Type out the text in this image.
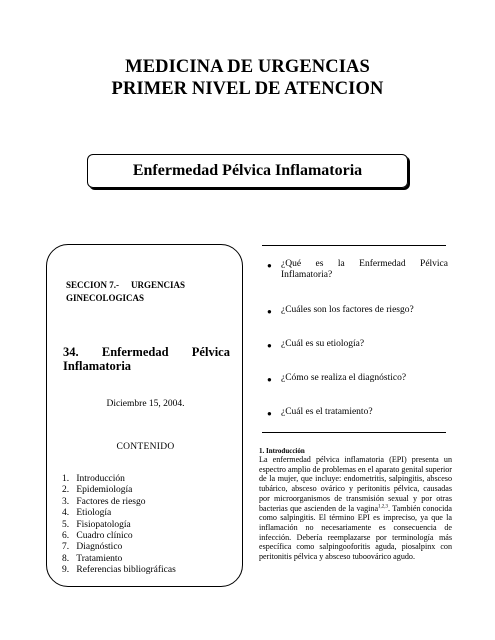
MEDICINA DE URGENCIAS
PRIMER NIVEL DE ATENCION
Enfermedad Pélvica Inflamatoria
SECCION 7.- URGENCIAS
GINECOLOGICAS
34. Enfermedad Pélvica
Inflamatoria
Diciembre 15, 2004.
CONTENIDO
1. Introducción
2. Epidemiología
3. Factores de riesgo
4. Etiología
5. Fisiopatología
6. Cuadro clínico
7. Diagnóstico
8. Tratamiento
9. Referencias bibliográficas
● ¿Qué es la Enfermedad Pélvica Inflamatoria?
● ¿Cuáles son los factores de riesgo?
● ¿Cuál es su etiología?
● ¿Cómo se realiza el diagnóstico?
● ¿Cuál es el tratamiento?
1. Introducción

La enfermedad pélvica inflamatoria (EPI) presenta un espectro amplio de problemas en el aparato genital superior de la mujer, que incluye: endometritis, salpingitis, absceso tubárico, absceso ovárico y peritonitis pélvica, causadas por microorganismos de transmisión sexual y por otras bacterias que ascienden de la vagina$^{1,2,3}$. También conocida como salpingitis. El término EPI es impreciso, ya que la inflamación no necesariamente es consecuencia de infección. Debería reemplazarse por terminología más específica como salpingooforitis aguda, piosalpinx con peritonitis pélvica y absceso tuboovárico agudo.
